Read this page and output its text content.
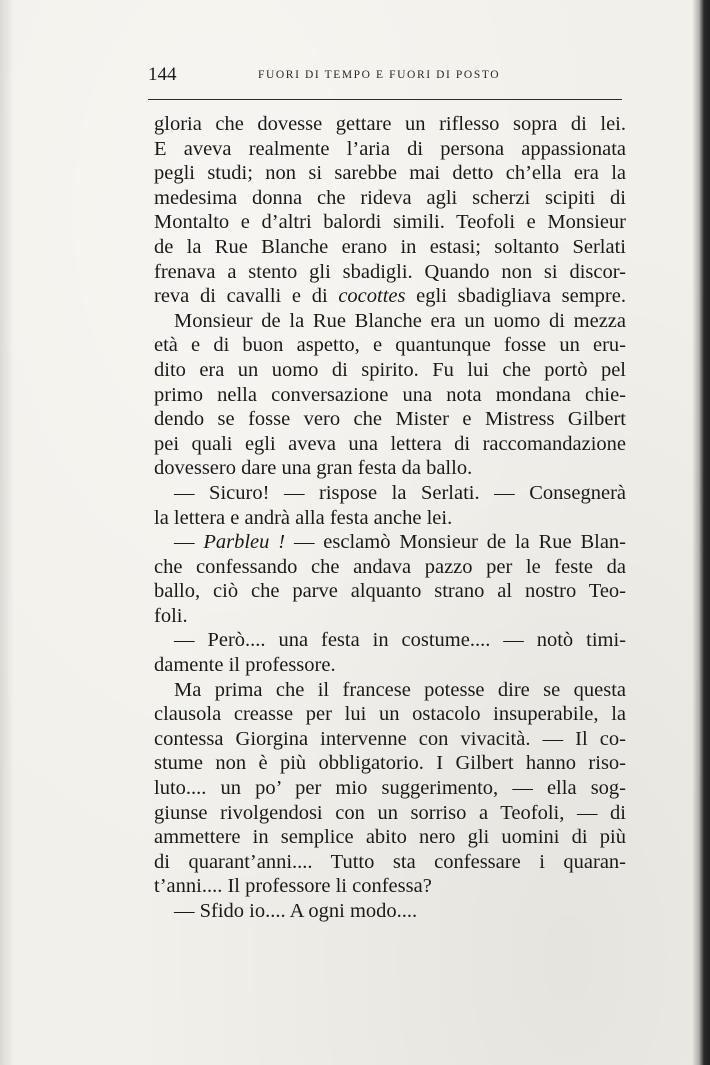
144	FUORI DI TEMPO E FUORI DI POSTO
gloria che dovesse gettare un riflesso sopra di lei.
E aveva realmente l’aria di persona appassionata
pegli studi; non si sarebbe mai detto ch’ella era la
medesima donna che rideva agli scherzi scipiti di
Montalto e d’altri balordi simili. Teofoli e Monsieur
de la Rue Blanche erano in estasi; soltanto Serlati
frenava a stento gli sbadigli. Quando non si discor-
reva di cavalli e di cocottes egli sbadigliava sempre.
Monsieur de la Rue Blanche era un uomo di mezza
età e di buon aspetto, e quantunque fosse un eru-
dito era un uomo di spirito. Fu lui che portò pel
primo nella conversazione una nota mondana chie-
dendo se fosse vero che Mister e Mistress Gilbert
pei quali egli aveva una lettera di raccomandazione
dovessero dare una gran festa da ballo.
— Sicuro! — rispose la Serlati. — Consegnerà
la lettera e andrà alla festa anche lei.
— Parbleu ! — esclamò Monsieur de la Rue Blan-
che confessando che andava pazzo per le feste da
ballo, ciò che parve alquanto strano al nostro Teo-
foli.
— Però.... una festa in costume.... — notò timi-
damente il professore.
Ma prima che il francese potesse dire se questa
clausola creasse per lui un ostacolo insuperabile, la
contessa Giorgina intervenne con vivacità. — Il co-
stume non è più obbligatorio. I Gilbert hanno riso-
luto.... un po’ per mio suggerimento, — ella sog-
giunse rivolgendosi con un sorriso a Teofoli, — di
ammettere in semplice abito nero gli uomini di più
di quarant’anni.... Tutto sta confessare i quaran-
t’anni.... Il professore li confessa?
— Sfido io.... A ogni modo....
